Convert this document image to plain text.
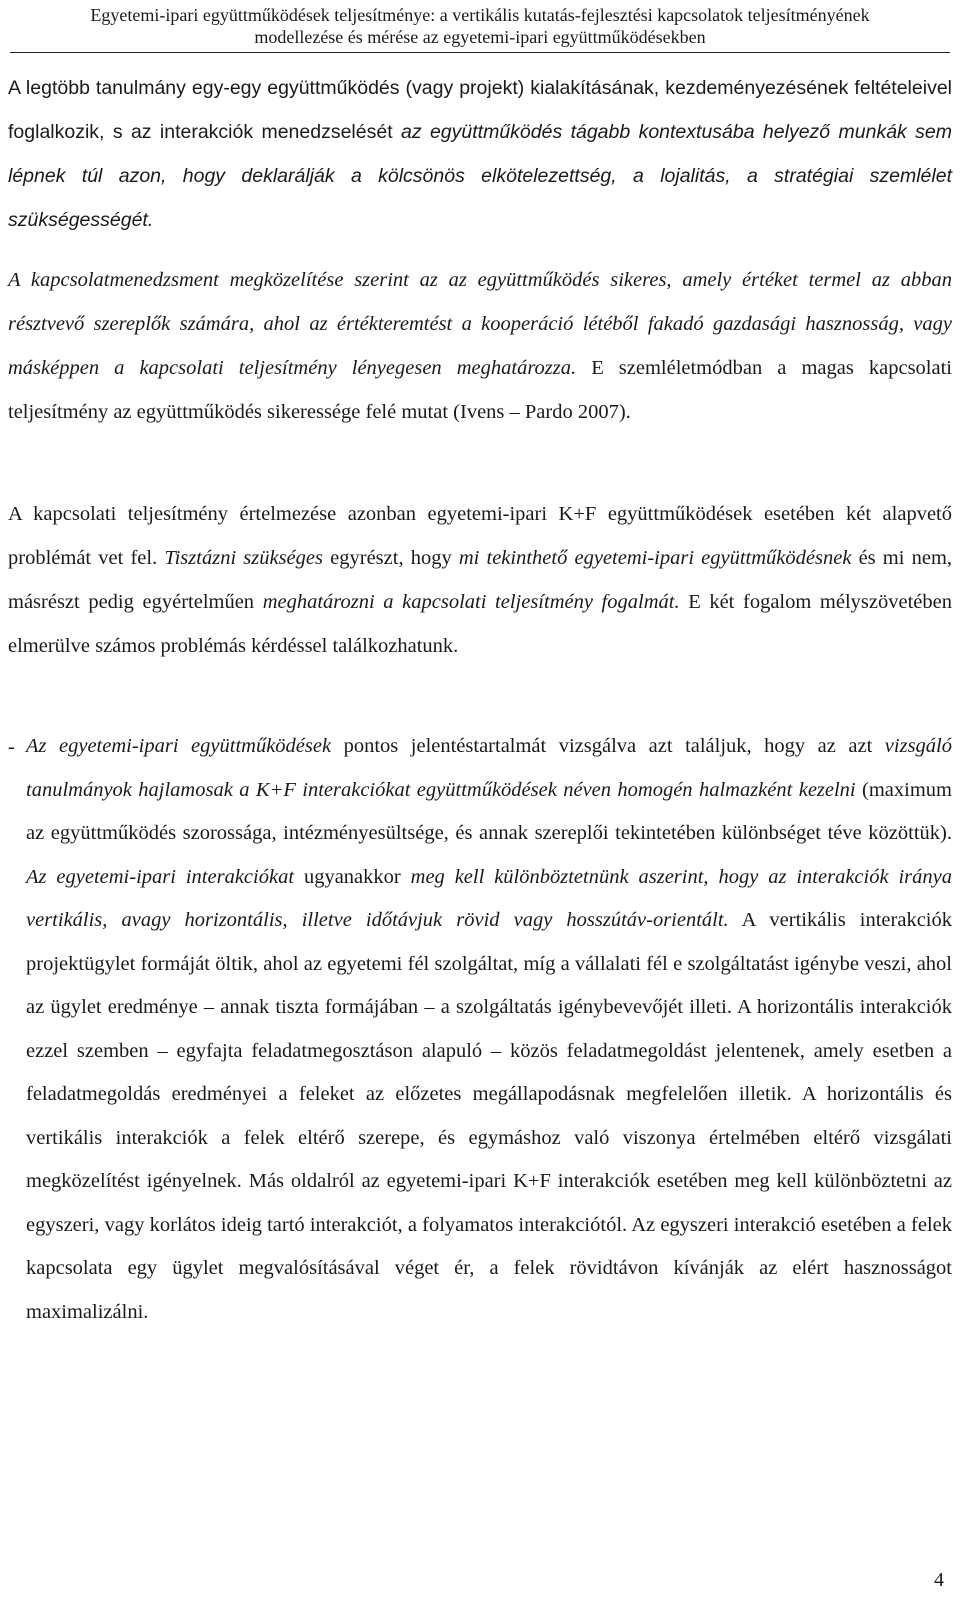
Egyetemi-ipari együttműködések teljesítménye: a vertikális kutatás-fejlesztési kapcsolatok teljesítményének
modellezése és mérése az egyetemi-ipari együttműködésekben

A legtöbb tanulmány egy-egy együttműködés (vagy projekt) kialakításának, kezdeményezésének feltételeivel foglalkozik, s az interakciók menedzselését az együttműködés tágabb kontextusába helyező munkák sem lépnek túl azon, hogy deklarálják a kölcsönös elkötelezettség, a lojalitás, a stratégiai szemlélet szükségességét.

A kapcsolatmenedzsment megközelítése szerint az az együttműködés sikeres, amely értéket termel az abban résztvevő szereplők számára, ahol az értékteremtést a kooperáció létéből fakadó gazdasági hasznosság, vagy másképpen a kapcsolati teljesítmény lényegesen meghatározza. E szemléletmódban a magas kapcsolati teljesítmény az együttműködés sikeressége felé mutat (Ivens – Pardo 2007).

A kapcsolati teljesítmény értelmezése azonban egyetemi-ipari K+F együttműködések esetében két alapvető problémát vet fel. Tisztázni szükséges egyrészt, hogy mi tekinthető egyetemi-ipari együttműködésnek és mi nem, másrészt pedig egyértelműen meghatározni a kapcsolati teljesítmény fogalmát. E két fogalom mélyszövetében elmerülve számos problémás kérdéssel találkozhatunk.

- Az egyetemi-ipari együttműködések pontos jelentéstartalmát vizsgálva azt találjuk, hogy az azt vizsgáló tanulmányok hajlamosak a K+F interakciókat együttműködések néven homogén halmazként kezelni (maximum az együttműködés szorossága, intézményesültsége, és annak szereplői tekintetében különbséget téve közöttük). Az egyetemi-ipari interakciókat ugyanakkor meg kell különböztetnünk aszerint, hogy az interakciók iránya vertikális, avagy horizontális, illetve időtávjuk rövid vagy hosszútáv-orientált. A vertikális interakciók projektügylet formáját öltik, ahol az egyetemi fél szolgáltat, míg a vállalati fél e szolgáltatást igénybe veszi, ahol az ügylet eredménye – annak tiszta formájában – a szolgáltatás igénybevevőjét illeti. A horizontális interakciók ezzel szemben – egyfajta feladatmegosztáson alapuló – közös feladatmegoldást jelentenek, amely esetben a feladatmegoldás eredményei a feleket az előzetes megállapodásnak megfelelően illetik. A horizontális és vertikális interakciók a felek eltérő szerepe, és egymáshoz való viszonya értelmében eltérő vizsgálati megközelítést igényelnek. Más oldalról az egyetemi-ipari K+F interakciók esetében meg kell különböztetni az egyszeri, vagy korlátos ideig tartó interakciót, a folyamatos interakciótól. Az egyszeri interakció esetében a felek kapcsolata egy ügylet megvalósításával véget ér, a felek rövidtávon kívánják az elért hasznosságot maximalizálni.

4
